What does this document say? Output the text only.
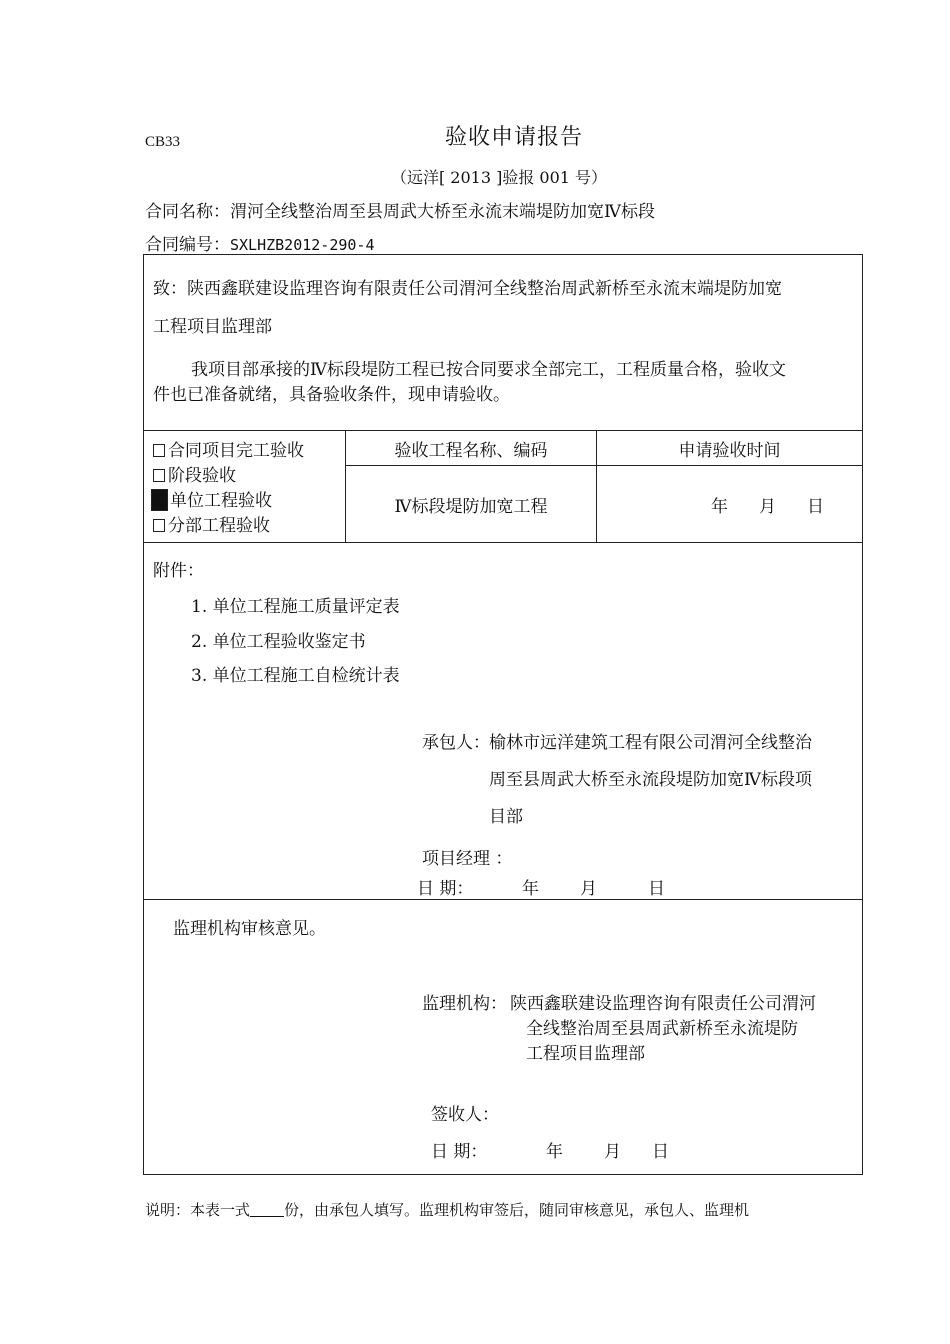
CB33	验收申请报告
（远洋[ 2013 ]验报 001 号）
合同名称：渭河全线整治周至县周武大桥至永流末端堤防加宽Ⅳ标段
合同编号：SXLHZB2012-290-4
致：陕西鑫联建设监理咨询有限责任公司渭河全线整治周武新桥至永流末端堤防加宽
工程项目监理部
我项目部承接的Ⅳ标段堤防工程已按合同要求全部完工，工程质量合格，验收文
件也已准备就绪，具备验收条件，现申请验收。
合同项目完工验收
阶段验收
单位工程验收
分部工程验收
验收工程名称、编码	申请验收时间
Ⅳ标段堤防加宽工程	年 月 日
附件：
1. 单位工程施工质量评定表
2. 单位工程验收鉴定书
3. 单位工程施工自检统计表
承包人： 榆林市远洋建筑工程有限公司渭河全线整治
周至县周武大桥至永流段堤防加宽Ⅳ标段项
目部
项目经理 ：
日 期：	年 月	日
监理机构审核意见。
监理机构： 陕西鑫联建设监理咨询有限责任公司渭河
全线整治周至县周武新桥至永流堤防
工程项目监理部
签收人：
日 期：	年 月 日
说明：本表一式 份，由承包人填写。监理机构审签后，随同审核意见，承包人、监理机
